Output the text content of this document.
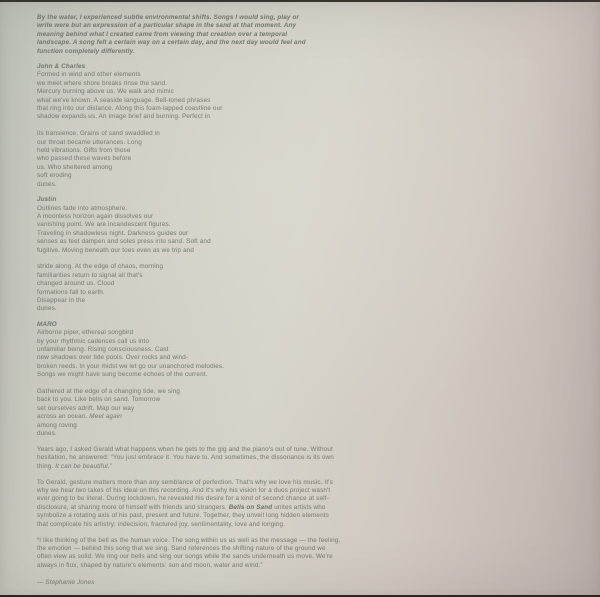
By the water, I experienced subtle environmental shifts. Songs I would sing, play or write were but an expression of a particular shape in the sand at that moment. Any meaning behind what I created came from viewing that creation over a temporal landscape. A song felt a certain way on a certain day, and the next day would feel and function completely differently.

John & Charles
Formed in wind and other elements
we meet where shore breaks rinse the sand.
Mercury burning above us. We walk and mimic
what we've known. A seaside language. Bell-toned phrases
that ring into our distance. Along this foam-lapped coastline our
shadow expands us. An image brief and burning. Perfect in
its transience. Grains of sand swaddled in
our throat became utterances. Long
held vibrations. Gifts from those
who passed these waves before
us. Who sheltered among
soft eroding
dunes.
Justin
Outlines fade into atmosphere.
A moonless horizon again dissolves our
vanishing point. We are incandescent figures.
Traveling in shadowless night. Darkness guides our
senses as feet dampen and soles press into sand. Soft and
fugitive. Moving beneath our toes even as we trip and
stride along. At the edge of chaos, morning
familiarities return to signal all that's
changed around us. Cloud
formations fall to earth.
Disappear in the
dunes.
MARO
Airborne piper, ethereal songbird
by your rhythmic cadences call us into
unfamiliar being. Rising consciousness. Cast
new shadows over tide pools. Over rocks and wind-
broken reeds. In your midst we let go our unanchored melodies.
Songs we might have sung become echoes of the current.
Gathered at the edge of a changing tide, we sing
back to you. Like bells on sand. Tomorrow
set ourselves adrift. Map our way
across an ocean. Meet again
among roving
dunes.

Years ago, I asked Gerald what happens when he gets to the gig and the piano's out of tune. Without hesitation, he answered: “You just embrace it. You have to. And sometimes, the dissonance is its own thing. It can be beautiful.”

To Gerald, gesture matters more than any semblance of perfection. That's why we love his music. It's why we hear two takes of his ideal on this recording. And it's why his vision for a duos project wasn't ever going to be literal. During lockdown, he revealed his desire for a kind of second chance at self-disclosure, at sharing more of himself with friends and strangers. Bells on Sand unites artists who symbolize a rotating axis of his past, present and future. Together, they unveil long hidden elements that complicate his artistry: indecision, fractured joy, sentimentality, love and longing.

“I like thinking of the bell as the human voice. The song within us as well as the message — the feeling, the emotion — behind this song that we sing. Sand references the shifting nature of the ground we often view as solid. We ring our bells and sing our songs while the sands underneath us move. We're always in flux, shaped by nature's elements: sun and moon, water and wind.”

— Stephanie Jones
